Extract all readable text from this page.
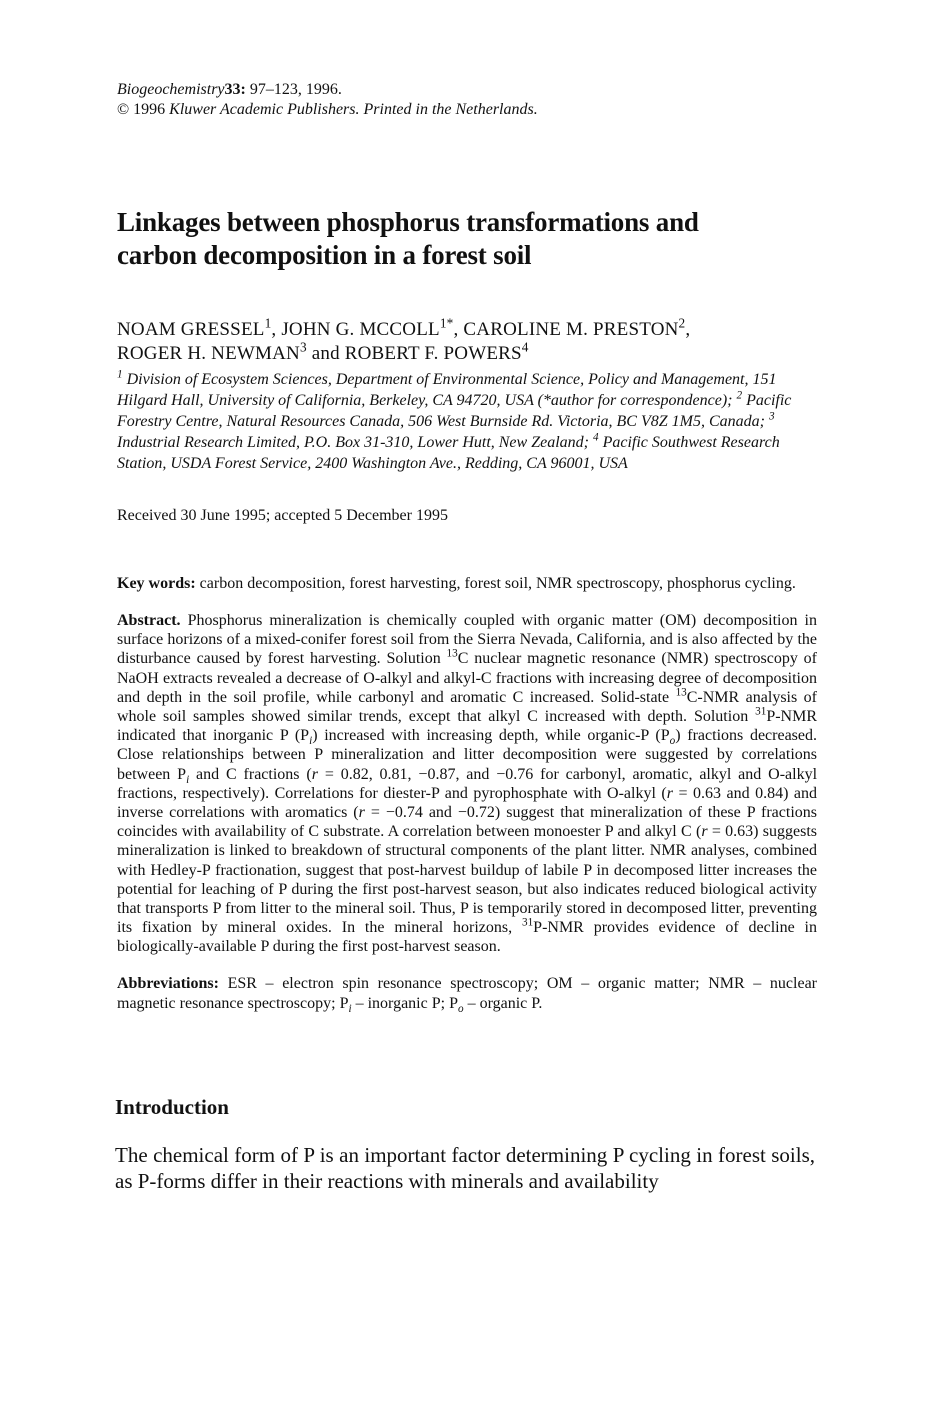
Biogeochemistry33: 97–123, 1996.
© 1996 Kluwer Academic Publishers. Printed in the Netherlands.

Linkages between phosphorus transformations and
carbon decomposition in a forest soil

NOAM GRESSEL$^1$, JOHN G. $MCCOLL^{1*}$, CAROLINE M. PRESTON$^2$,
ROGER H. NEWMAN$^3$ and ROBERT F. POWERS$^4$

$^1$ Division of Ecosystem Sciences, Department of Environmental Science, Policy and Management, 151 Hilgard Hall, University of California, Berkeley, CA 94720, USA (*author for correspondence); $^2$ Pacific Forestry Centre, Natural Resources Canada, 506 West Burnside Rd. Victoria, BC V8Z 1M5, Canada; $^3$ Industrial Research Limited, P.O. Box 31-310, Lower Hutt, New Zealand; $^4$ Pacific Southwest Research Station, USDA Forest Service, 2400 Washington Ave., Redding, CA 96001, USA

Received 30 June 1995; accepted 5 December 1995

Key words: carbon decomposition, forest harvesting, forest soil, NMR spectroscopy, phosphorus cycling.

Abstract. Phosphorus mineralization is chemically coupled with organic matter (OM) decomposition in surface horizons of a mixed-conifer forest soil from the Sierra Nevada, California, and is also affected by the disturbance caused by forest harvesting. Solution $^{13}$C nuclear magnetic resonance (NMR) spectroscopy of NaOH extracts revealed a decrease of O-alkyl and alkyl-C fractions with increasing degree of decomposition and depth in the soil profile, while carbonyl and aromatic C increased. Solid-state $^{13}$C-NMR analysis of whole soil samples showed similar trends, except that alkyl C increased with depth. Solution $^{31}$P-NMR indicated that inorganic P $(P_i)$ increased with increasing depth, while organic-P $(P_o)$ fractions decreased. Close relationships between P mineralization and litter decomposition were suggested by correlations between $P_i$ and C fractions (r = 0.82, 0.81, −0.87, and −0.76 for carbonyl, aromatic, alkyl and O-alkyl fractions, respectively). Correlations for diester-P and pyrophosphate with O-alkyl (r = 0.63 and 0.84) and inverse correlations with aromatics (r = −0.74 and −0.72) suggest that mineralization of these P fractions coincides with availability of C substrate. A correlation between monoester P and alkyl C (r = 0.63) suggests mineralization is linked to breakdown of structural components of the plant litter. NMR analyses, combined with Hedley-P fractionation, suggest that post-harvest buildup of labile P in decomposed litter increases the potential for leaching of P during the first post-harvest season, but also indicates reduced biological activity that transports P from litter to the mineral soil. Thus, P is temporarily stored in decomposed litter, preventing its fixation by mineral oxides. In the mineral horizons, $^{31}$P-NMR provides evidence of decline in biologically-available P during the first post-harvest season.

Abbreviations: ESR – electron spin resonance spectroscopy; OM – organic matter; NMR – nuclear magnetic resonance spectroscopy; $P_i$ – inorganic P; $P_o$ – organic P.

Introduction

The chemical form of P is an important factor determining P cycling in forest soils, as P-forms differ in their reactions with minerals and availability
